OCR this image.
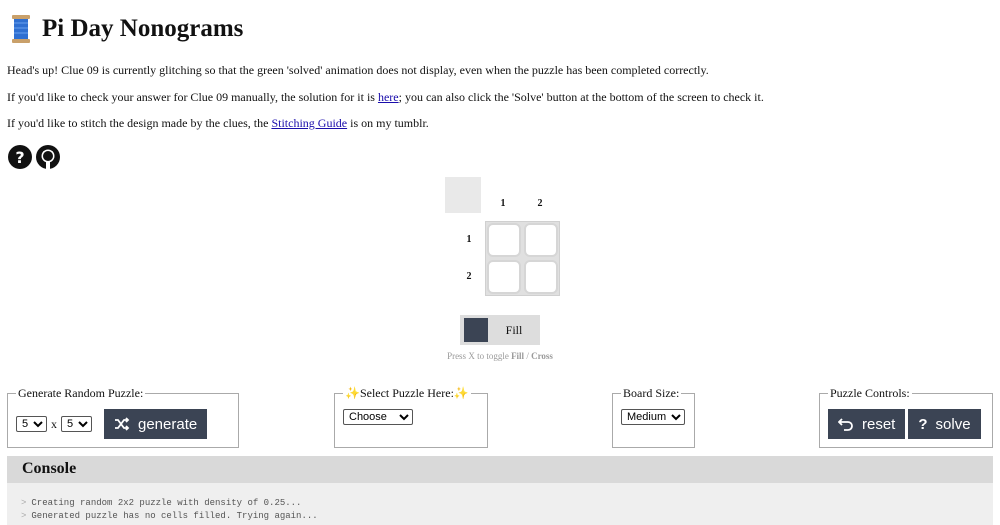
Pi Day Nonograms

Head's up! Clue 09 is currently glitching so that the green 'solved' animation does not display, even when the puzzle has been completed correctly.

If you'd like to check your answer for Clue 09 manually, the solution for it is here; you can also click the 'Solve' button at the bottom of the screen to check it.

If you'd like to stitch the design made by the clues, the Stitching Guide is on my tumblr.

?
1	2
1
2
Fill
Press X to toggle Fill / Cross
Generate Random Puzzle:
5
x
5	generate
✨Select Puzzle Here:✨
Choose	Board Size:
Medium	Puzzle Controls:
reset ? solve
Console
> Creating random 2x2 puzzle with density of 0.25...
> Generated puzzle has no cells filled. Trying again...
